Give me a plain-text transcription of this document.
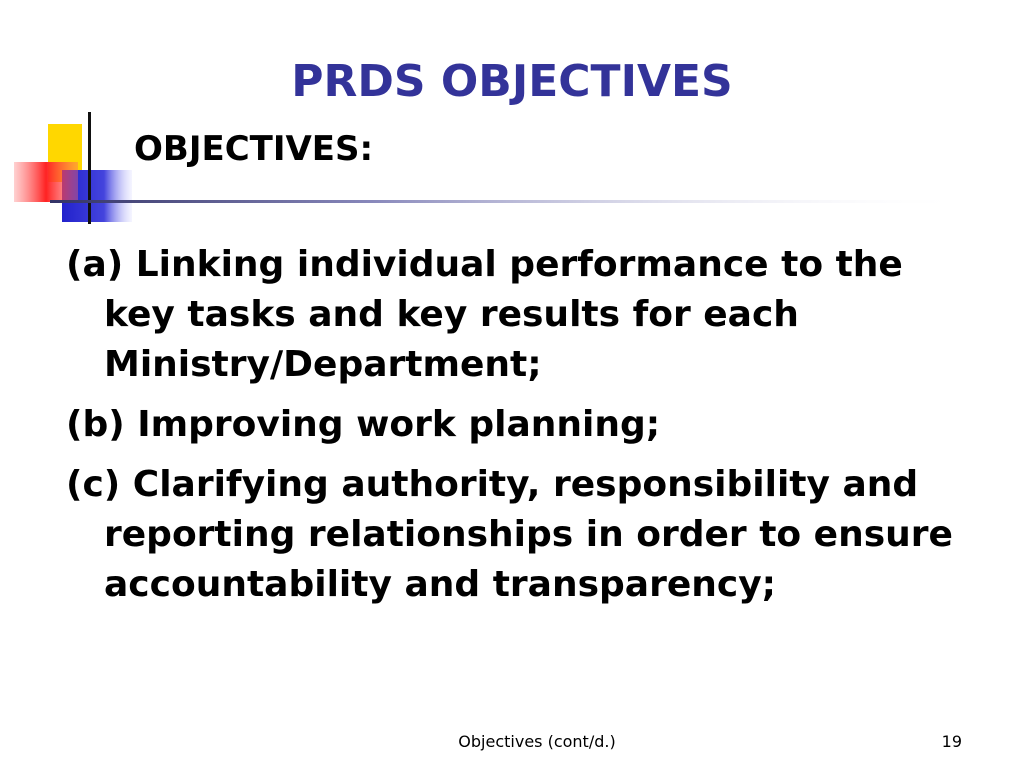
PRDS OBJECTIVES
OBJECTIVES:
(a) Linking individual performance to the key tasks and key results for each Ministry/Department;
(b) Improving work planning;
(c) Clarifying authority, responsibility and reporting relationships in order to ensure accountability and transparency;
Objectives (cont/d.)	19
